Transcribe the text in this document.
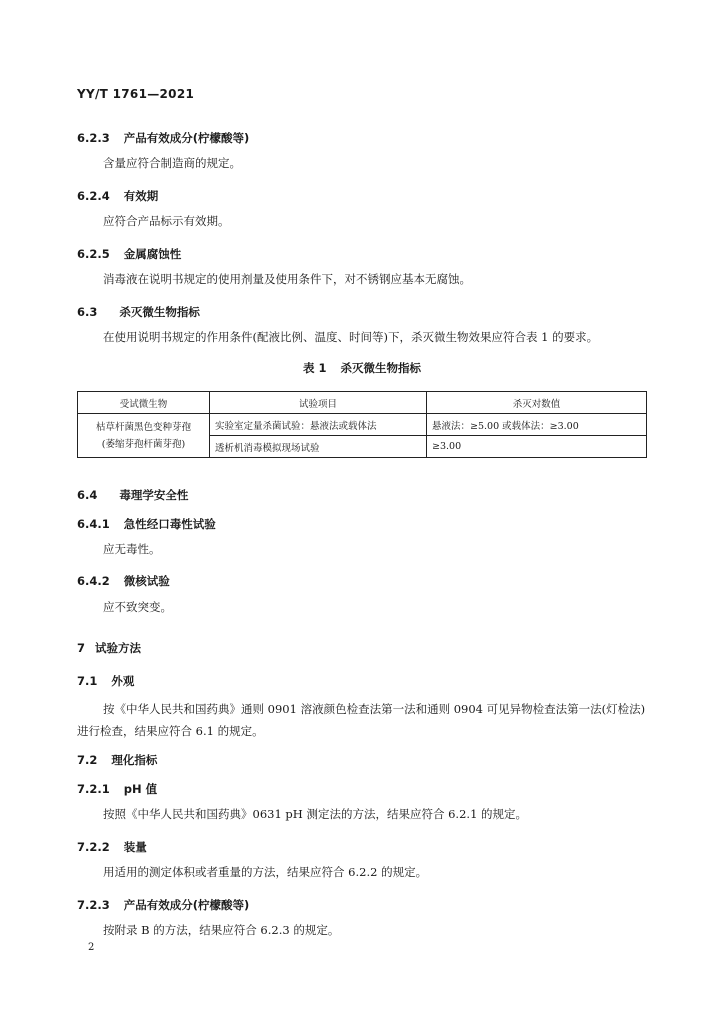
YY/T 1761—2021
6.2.3 产品有效成分(柠檬酸等)
含量应符合制造商的规定。
6.2.4 有效期
应符合产品标示有效期。
6.2.5 金属腐蚀性
消毒液在说明书规定的使用剂量及使用条件下，对不锈钢应基本无腐蚀。
6.3 杀灭微生物指标
在使用说明书规定的作用条件(配液比例、温度、时间等)下，杀灭微生物效果应符合表 1 的要求。
表 1 杀灭微生物指标
受试微生物	试验项目	杀灭对数值

枯草杆菌黑色变种芽孢
(萎缩芽孢杆菌芽孢)	实验室定量杀菌试验：悬液法或载体法	悬液法：≥5.00 或载体法：≥3.00
	透析机消毒模拟现场试验	≥3.00
6.4 毒理学安全性
6.4.1 急性经口毒性试验
应无毒性。
6.4.2 微核试验
应不致突变。
7 试验方法
7.1 外观
按《中华人民共和国药典》通则 0901 溶液颜色检查法第一法和通则 0904 可见异物检查法第一法(灯检法)进行检查，结果应符合 6.1 的规定。
7.2 理化指标
7.2.1 pH 值
按照《中华人民共和国药典》0631 pH 测定法的方法，结果应符合 6.2.1 的规定。
7.2.2 装量
用适用的测定体积或者重量的方法，结果应符合 6.2.2 的规定。
7.2.3 产品有效成分(柠檬酸等)
按附录 B 的方法，结果应符合 6.2.3 的规定。
2
